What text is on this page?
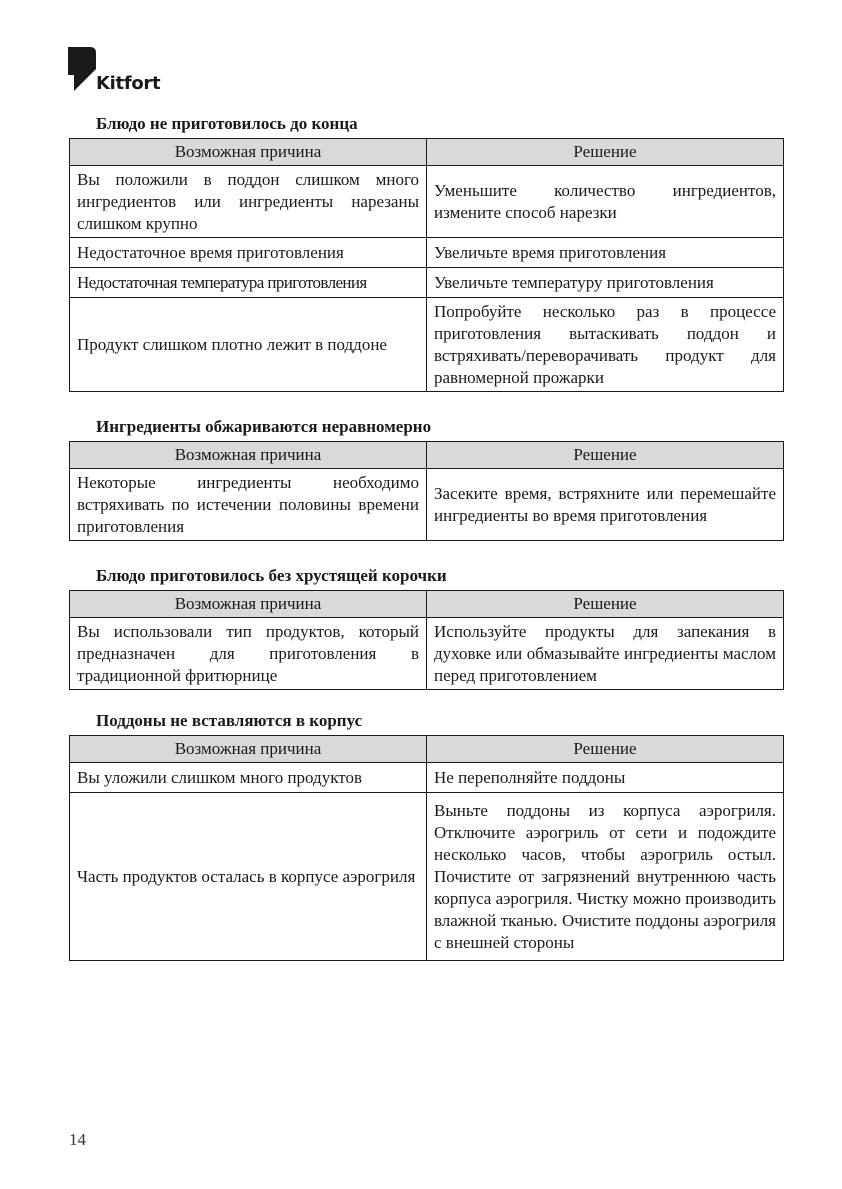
Kitfort
Блюдо не приготовилось до конца
Возможная причина	Решение
Вы положили в поддон слишком много ингредиентов или ингредиенты нарезаны слишком крупно	Уменьшите количество ингредиентов, измените способ нарезки
Недостаточное время приготовления	Увеличьте время приготовления
Недостаточная температура приготовления	Увеличьте температуру приготовления
Продукт слишком плотно лежит в поддоне	Попробуйте несколько раз в процессе приготовления вытаскивать поддон и встряхивать/переворачивать продукт для равномерной прожарки
Ингредиенты обжариваются неравномерно
Возможная причина	Решение
Некоторые ингредиенты необходимо встряхивать по истечении половины времени приготовления	Засеките время, встряхните или перемешайте ингредиенты во время приготовления
Блюдо приготовилось без хрустящей корочки
Возможная причина	Решение
Вы использовали тип продуктов, который предназначен для приготовления в традиционной фритюрнице	Используйте продукты для запекания в духовке или обмазывайте ингредиенты маслом перед приготовлением
Поддоны не вставляются в корпус
Возможная причина	Решение
Вы уложили слишком много продуктов	Не переполняйте поддоны
Часть продуктов осталась в корпусе аэрогриля	Выньте поддоны из корпуса аэрогриля. Отключите аэрогриль от сети и подождите несколько часов, чтобы аэрогриль остыл. Почистите от загрязнений внутреннюю часть корпуса аэрогриля. Чистку можно производить влажной тканью. Очистите поддоны аэрогриля с внешней стороны
14
